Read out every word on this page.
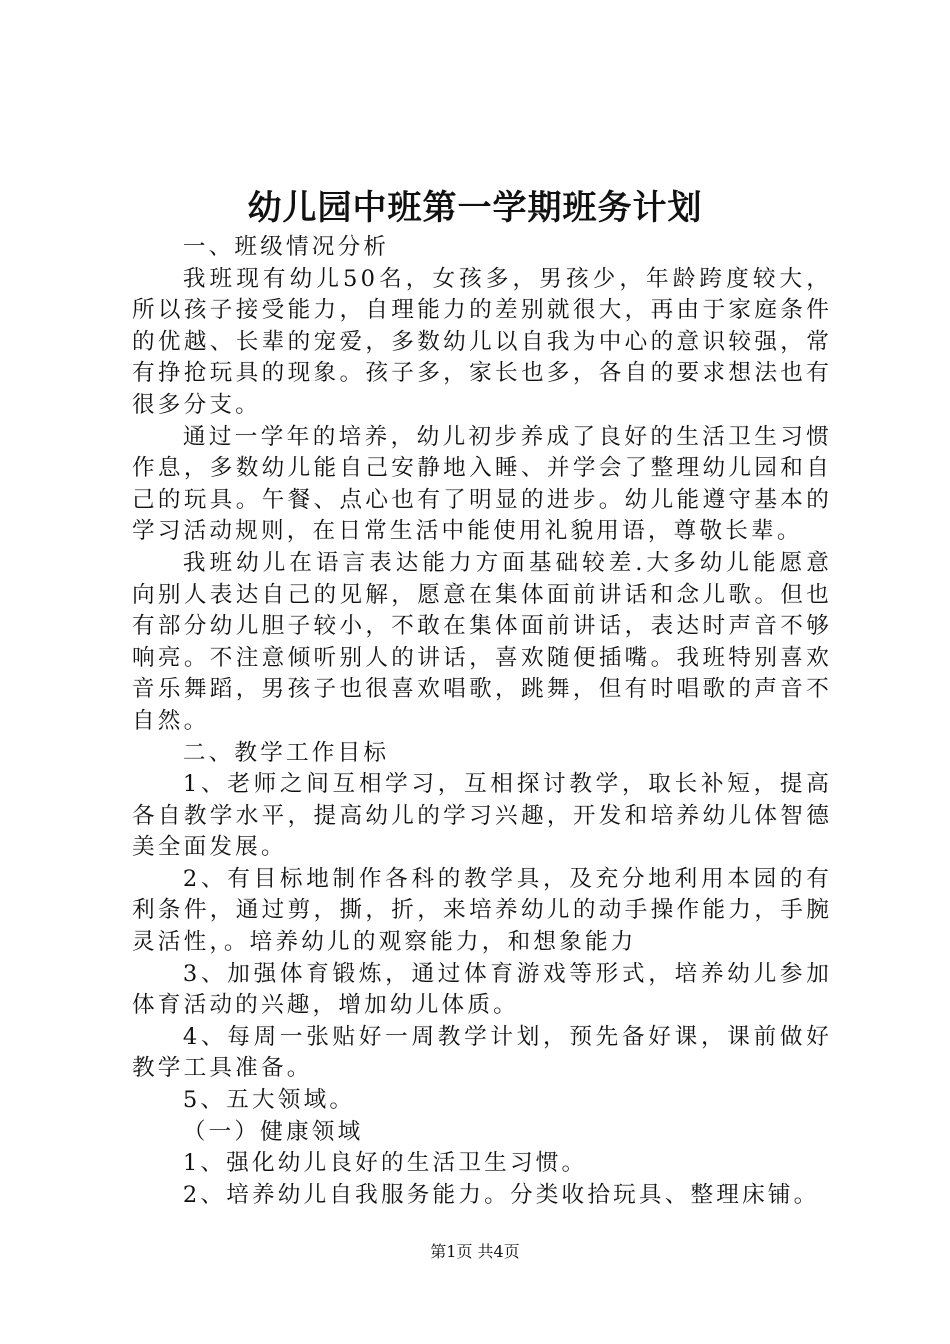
幼儿园中班第一学期班务计划

一、班级情况分析

我班现有幼儿50名，女孩多，男孩少，年龄跨度较大，所以孩子接受能力，自理能力的差别就很大，再由于家庭条件的优越、长辈的宠爱，多数幼儿以自我为中心的意识较强，常有挣抢玩具的现象。孩子多，家长也多，各自的要求想法也有很多分支。

通过一学年的培养，幼儿初步养成了良好的生活卫生习惯作息，多数幼儿能自己安静地入睡、并学会了整理幼儿园和自己的玩具。午餐、点心也有了明显的进步。幼儿能遵守基本的学习活动规则，在日常生活中能使用礼貌用语，尊敬长辈。

我班幼儿在语言表达能力方面基础较差.大多幼儿能愿意向别人表达自己的见解，愿意在集体面前讲话和念儿歌。但也有部分幼儿胆子较小，不敢在集体面前讲话，表达时声音不够响亮。不注意倾听别人的讲话，喜欢随便插嘴。我班特别喜欢音乐舞蹈，男孩子也很喜欢唱歌，跳舞，但有时唱歌的声音不自然。

二、教学工作目标

1、老师之间互相学习，互相探讨教学，取长补短，提高各自教学水平，提高幼儿的学习兴趣，开发和培养幼儿体智德美全面发展。

2、有目标地制作各科的教学具，及充分地利用本园的有利条件，通过剪，撕，折，来培养幼儿的动手操作能力，手腕灵活性，。培养幼儿的观察能力，和想象能力

3、加强体育锻炼，通过体育游戏等形式，培养幼儿参加体育活动的兴趣，增加幼儿体质。

4、每周一张贴好一周教学计划，预先备好课，课前做好教学工具准备。

5、五大领域。

（一）健康领域

1、强化幼儿良好的生活卫生习惯。

2、培养幼儿自我服务能力。分类收拾玩具、整理床铺。

第1页 共4页
